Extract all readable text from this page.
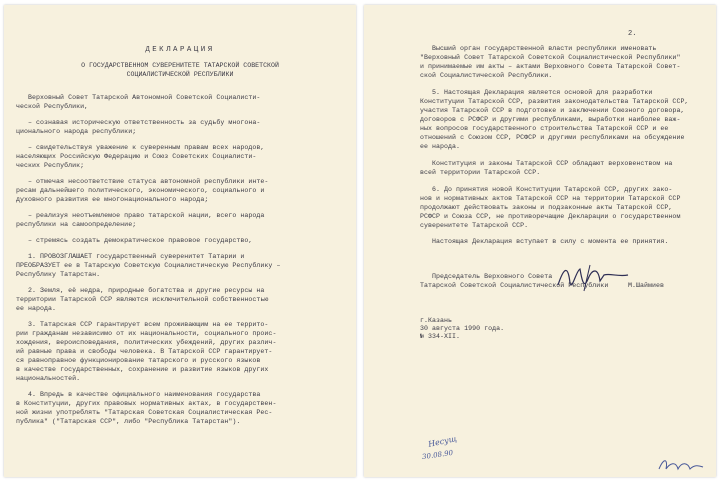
ДЕКЛАРАЦИЯ
О ГОСУДАРСТВЕННОМ СУВЕРЕНИТЕТЕ ТАТАРСКОЙ СОВЕТСКОЙ
СОЦИАЛИСТИЧЕСКОЙ РЕСПУБЛИКИ
Верховный Совет Татарской Автономной Советской Социалисти-
ческой Республики,
– сознавая историческую ответственность за судьбу многона-
ционального народа республики;
– свидетельствуя уважение к суверенным правам всех народов,
населяющих Российскую Федерацию и Союз Советских Социалисти-
ческих Республик;
– отмечая несоответствие статуса автономной республики инте-
ресам дальнейшего политического, экономического, социального и
духовного развития ее многонационального народа;
– реализуя неотъемлемое право татарской нации, всего народа
республики на самоопределение;
– стремясь создать демократическое правовое государство,
1. ПРОВОЗГЛАШАЕТ государственный суверенитет Татарии и
ПРЕОБРАЗУЕТ ее в Татарскую Советскую Социалистическую Республику –
Республику Татарстан.
2. Земля, её недра, природные богатства и другие ресурсы на
территории Татарской ССР являются исключительной собственностью
ее народа.
3. Татарская ССР гарантирует всем проживающим на ее террито-
рии гражданам независимо от их национальности, социального проис-
хождения, вероисповедания, политических убеждений, других различ-
ий равные права и свободы человека. В Татарской ССР гарантирует-
ся равноправное функционирование татарского и русского языков
в качестве государственных, сохранение и развитие языков других
национальностей.
4. Впредь в качестве официального наименования государства
в Конституции, других правовых нормативных актах, в государствен-
ной жизни употреблять "Татарская Советская Социалистическая Рес-
публика" ("Татарская ССР", либо "Республика Татарстан").
2.
Высший орган государственной власти республики именовать
"Верховный Совет Татарской Советской Социалистической Республики"
и принимаемые им акты – актами Верховного Совета Татарской Совет-
ской Социалистической Республики.
5. Настоящая Декларация является основой для разработки
Конституции Татарской ССР, развития законодательства Татарской ССР,
участия Татарской ССР в подготовке и заключении Союзного договора,
договоров с РСФСР и другими республиками, выработки наиболее важ-
ных вопросов государственного строительства Татарской ССР и ее
отношений с Союзом ССР, РСФСР и другими республиками на обсуждение
ее народа.
Конституция и законы Татарской ССР обладают верховенством на
всей территории Татарской ССР.
6. До принятия новой Конституции Татарской ССР, других зако-
нов и нормативных актов Татарской ССР на территории Татарской ССР
продолжают действовать законы и подзаконные акты Татарской ССР,
РСФСР и Союза ССР, не противоречащие Декларации о государственном
суверенитете Татарской ССР.
Настоящая Декларация вступает в силу с момента ее принятия.
Председатель Верховного Совета
Татарской Советской Социалистической Республики	М.Шаймиев
г.Казань
30 августа 1990 года.
№ 334-XII.
Несущ
30.08.90
